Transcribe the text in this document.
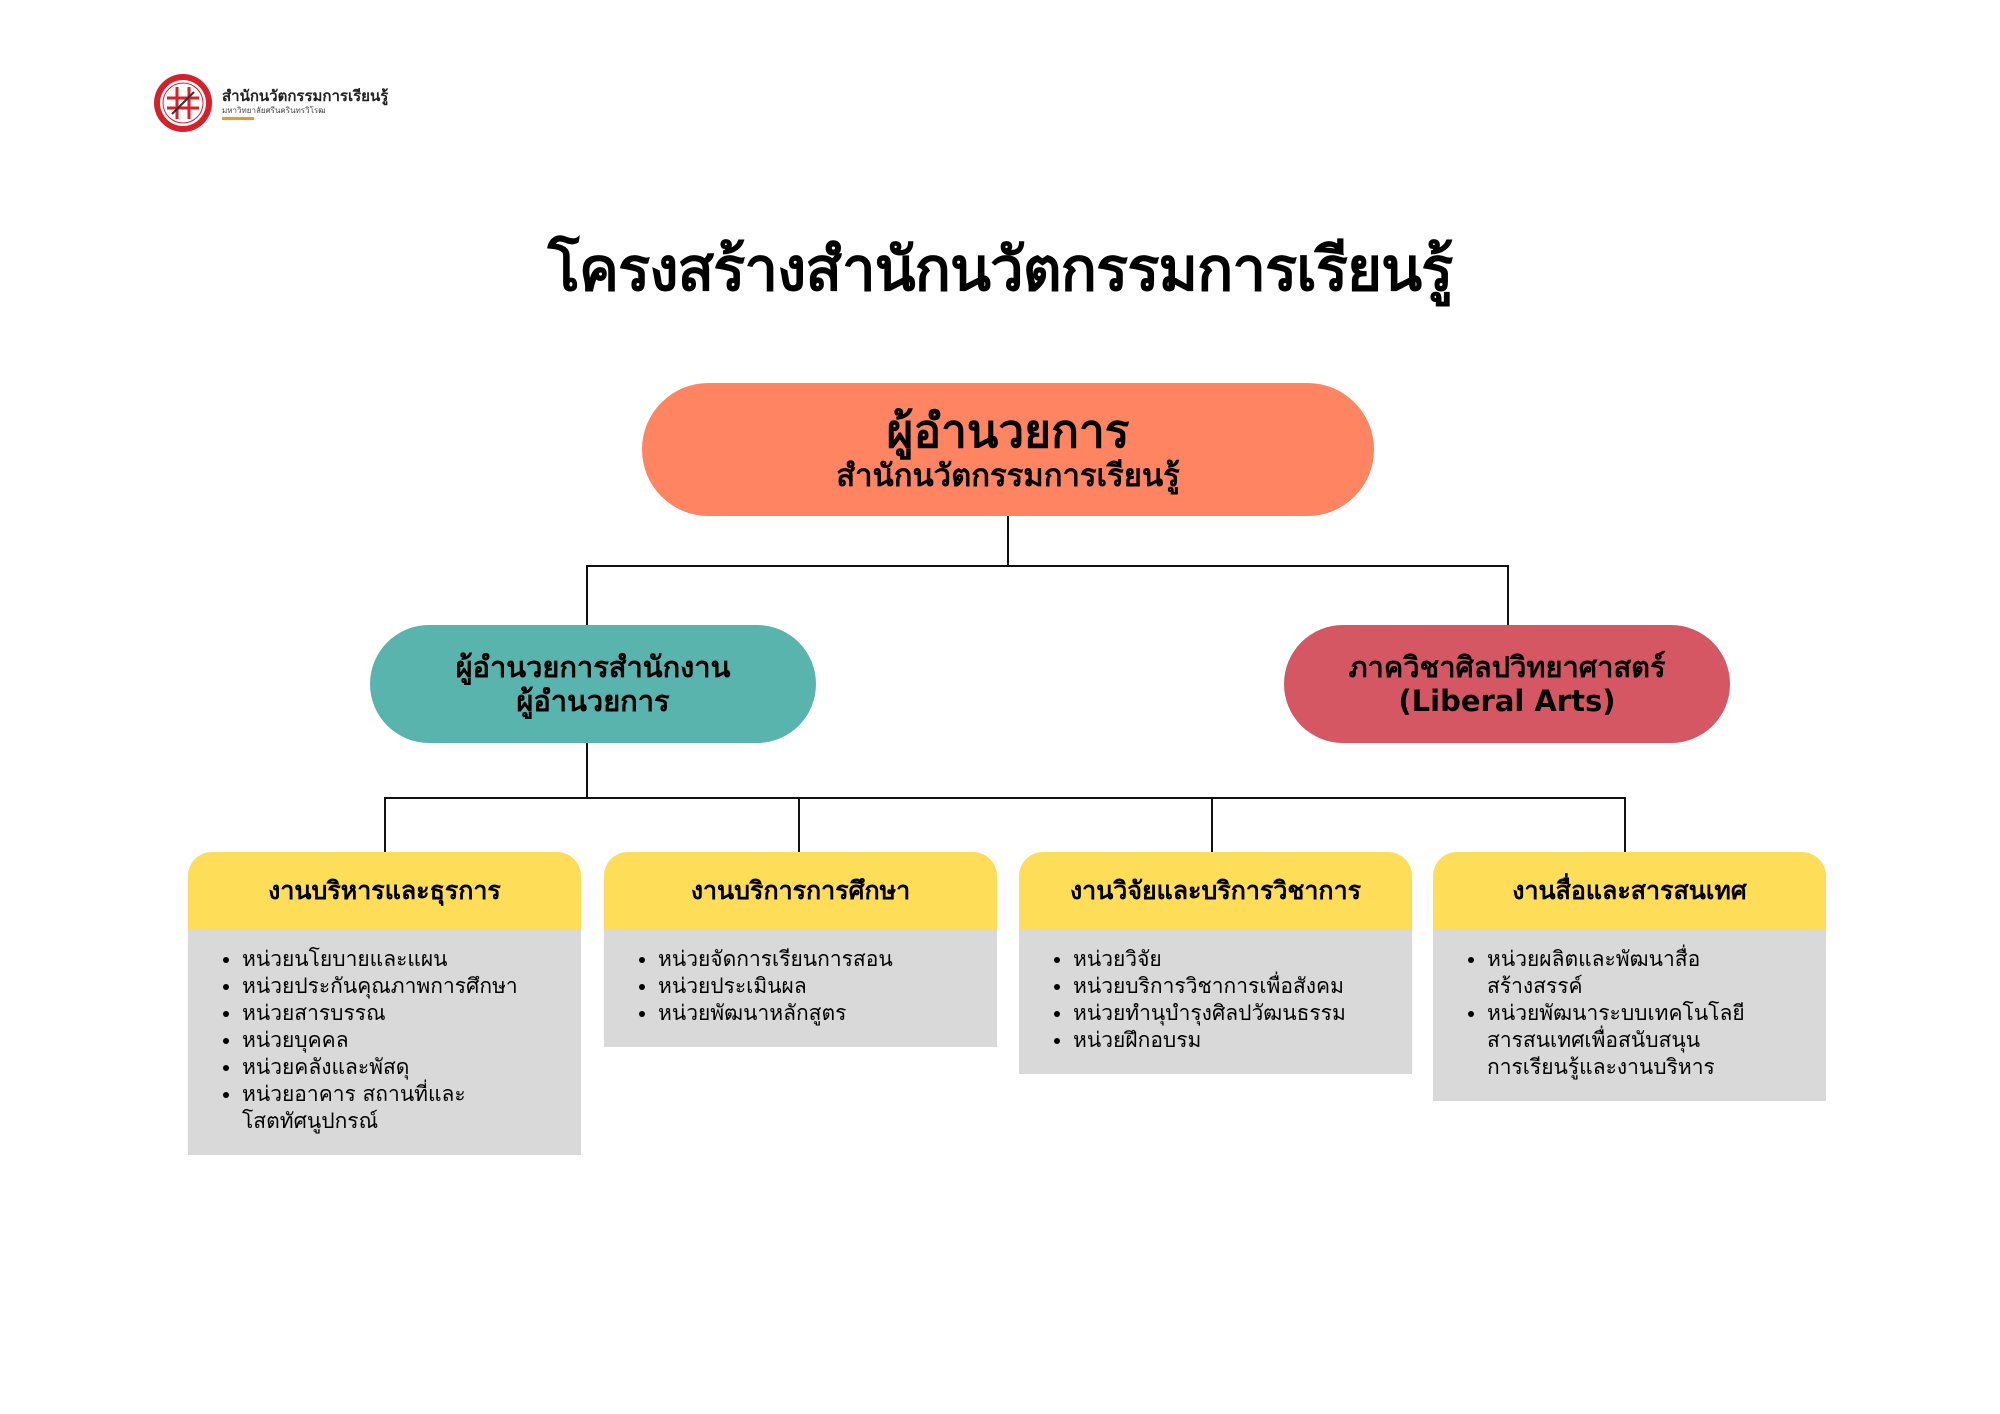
สำนักนวัตกรรมการเรียนรู้
มหาวิทยาลัยศรีนครินทรวิโรฒ
โครงสร้างสำนักนวัตกรรมการเรียนรู้
ผู้อำนวยการ
สำนักนวัตกรรมการเรียนรู้
ผู้อำนวยการสำนักงาน
ผู้อำนวยการ
ภาควิชาศิลปวิทยาศาสตร์
(Liberal Arts)
งานบริหารและธุรการ
• หน่วยนโยบายและแผน
• หน่วยประกันคุณภาพการศึกษา
• หน่วยสารบรรณ
• หน่วยบุคคล
• หน่วยคลังและพัสดุ
• หน่วยอาคาร สถานที่และ
โสตทัศนูปกรณ์
งานบริการการศึกษา
• หน่วยจัดการเรียนการสอน
• หน่วยประเมินผล
• หน่วยพัฒนาหลักสูตร
งานวิจัยและบริการวิชาการ
• หน่วยวิจัย
• หน่วยบริการวิชาการเพื่อสังคม
• หน่วยทำนุบำรุงศิลปวัฒนธรรม
• หน่วยฝึกอบรม
งานสื่อและสารสนเทศ
• หน่วยผลิตและพัฒนาสื่อ
สร้างสรรค์
• หน่วยพัฒนาระบบเทคโนโลยี
สารสนเทศเพื่อสนับสนุน
การเรียนรู้และงานบริหาร
